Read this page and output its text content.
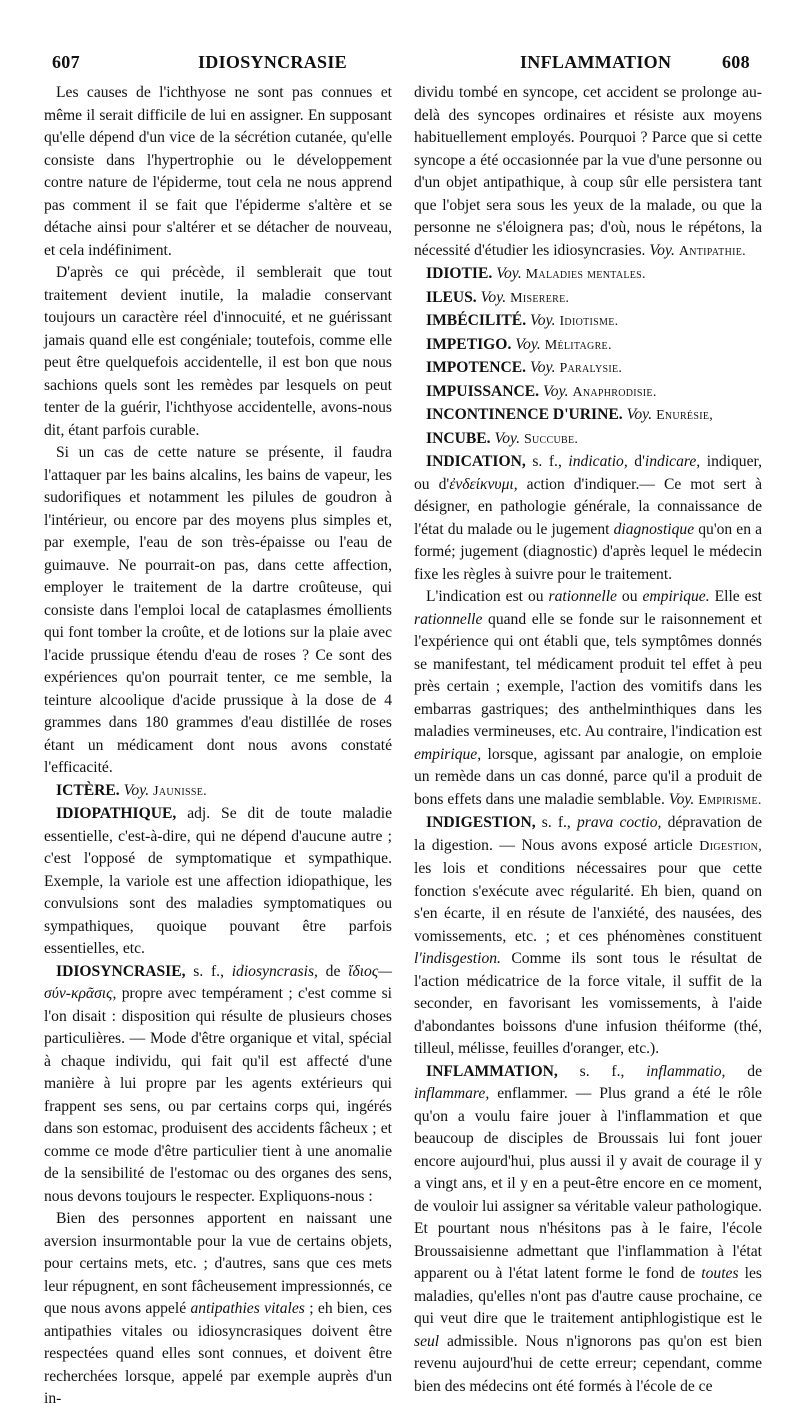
607	IDIOSYNCRASIE	INFLAMMATION	608

Les causes de l'ichthyose ne sont pas connues et même il serait difficile de lui en assigner. En supposant qu'elle dépend d'un vice de la sécrétion cutanée, qu'elle consiste dans l'hypertrophie ou le développement contre nature de l'épiderme, tout cela ne nous apprend pas comment il se fait que l'épiderme s'altère et se détache ainsi pour s'altérer et se détacher de nouveau, et cela indéfiniment.

D'après ce qui précède, il semblerait que tout traitement devient inutile, la maladie conservant toujours un caractère réel d'innocuité, et ne guérissant jamais quand elle est congéniale; toutefois, comme elle peut être quelquefois accidentelle, il est bon que nous sachions quels sont les remèdes par lesquels on peut tenter de la guérir, l'ichthyose accidentelle, avons-nous dit, étant parfois curable.

Si un cas de cette nature se présente, il faudra l'attaquer par les bains alcalins, les bains de vapeur, les sudorifiques et notamment les pilules de goudron à l'intérieur, ou encore par des moyens plus simples et, par exemple, l'eau de son très-épaisse ou l'eau de guimauve. Ne pourrait-on pas, dans cette affection, employer le traitement de la dartre croûteuse, qui consiste dans l'emploi local de cataplasmes émollients qui font tomber la croûte, et de lotions sur la plaie avec l'acide prussique étendu d'eau de roses ? Ce sont des expériences qu'on pourrait tenter, ce me semble, la teinture alcoolique d'acide prussique à la dose de 4 grammes dans 180 grammes d'eau distillée de roses étant un médicament dont nous avons constaté l'efficacité.

ICTÈRE. Voy. Jaunisse.

IDIOPATHIQUE, adj. Se dit de toute maladie essentielle, c'est-à-dire, qui ne dépend d'aucune autre ; c'est l'opposé de symptomatique et sympathique. Exemple, la variole est une affection idiopathique, les convulsions sont des maladies symptomatiques ou sympathiques, quoique pouvant être parfois essentielles, etc.

IDIOSYNCRASIE, s. f., idiosyncrasis, de ἴδιος—σύν-κρᾶσις, propre avec tempérament ; c'est comme si l'on disait : disposition qui résulte de plusieurs choses particulières. — Mode d'être organique et vital, spécial à chaque individu, qui fait qu'il est affecté d'une manière à lui propre par les agents extérieurs qui frappent ses sens, ou par certains corps qui, ingérés dans son estomac, produisent des accidents fâcheux ; et comme ce mode d'être particulier tient à une anomalie de la sensibilité de l'estomac ou des organes des sens, nous devons toujours le respecter. Expliquons-nous :

Bien des personnes apportent en naissant une aversion insurmontable pour la vue de certains objets, pour certains mets, etc. ; d'autres, sans que ces mets leur répugnent, en sont fâcheusement impressionnés, ce que nous avons appelé antipathies vitales ; eh bien, ces antipathies vitales ou idiosyncrasiques doivent être respectées quand elles sont connues, et doivent être recherchées lorsque, appelé par exemple auprès d'un in-

dividu tombé en syncope, cet accident se prolonge au-delà des syncopes ordinaires et résiste aux moyens habituellement employés. Pourquoi ? Parce que si cette syncope a été occasionnée par la vue d'une personne ou d'un objet antipathique, à coup sûr elle persistera tant que l'objet sera sous les yeux de la malade, ou que la personne ne s'éloignera pas; d'où, nous le répétons, la nécessité d'étudier les idiosyncrasies. Voy. Antipathie.

IDIOTIE. Voy. Maladies mentales.

ILEUS. Voy. Miserere.

IMBÉCILITÉ. Voy. Idiotisme.

IMPETIGO. Voy. Mélitagre.

IMPOTENCE. Voy. Paralysie.

IMPUISSANCE. Voy. Anaphrodisie.

INCONTINENCE D'URINE. Voy. Enurésie,

INCUBE. Voy. Succube.

INDICATION, s. f., indicatio, d'indicare, indiquer, ou d'ἐνδείκνυμι, action d'indiquer.— Ce mot sert à désigner, en pathologie générale, la connaissance de l'état du malade ou le jugement diagnostique qu'on en a formé; jugement (diagnostic) d'après lequel le médecin fixe les règles à suivre pour le traitement.

L'indication est ou rationnelle ou empirique. Elle est rationnelle quand elle se fonde sur le raisonnement et l'expérience qui ont établi que, tels symptômes donnés se manifestant, tel médicament produit tel effet à peu près certain ; exemple, l'action des vomitifs dans les embarras gastriques; des anthelminthiques dans les maladies vermineuses, etc. Au contraire, l'indication est empirique, lorsque, agissant par analogie, on emploie un remède dans un cas donné, parce qu'il a produit de bons effets dans une maladie semblable. Voy. Empirisme.

INDIGESTION, s. f., prava coctio, dépravation de la digestion. — Nous avons exposé article Digestion, les lois et conditions nécessaires pour que cette fonction s'exécute avec régularité. Eh bien, quand on s'en écarte, il en résute de l'anxiété, des nausées, des vomissements, etc. ; et ces phénomènes constituent l'indisgestion. Comme ils sont tous le résultat de l'action médicatrice de la force vitale, il suffit de la seconder, en favorisant les vomissements, à l'aide d'abondantes boissons d'une infusion théiforme (thé, tilleul, mélisse, feuilles d'oranger, etc.).

INFLAMMATION, s. f., inflammatio, de inflammare, enflammer. — Plus grand a été le rôle qu'on a voulu faire jouer à l'inflammation et que beaucoup de disciples de Broussais lui font jouer encore aujourd'hui, plus aussi il y avait de courage il y a vingt ans, et il y en a peut-être encore en ce moment, de vouloir lui assigner sa véritable valeur pathologique. Et pourtant nous n'hésitons pas à le faire, l'école Broussaisienne admettant que l'inflammation à l'état apparent ou à l'état latent forme le fond de toutes les maladies, qu'elles n'ont pas d'autre cause prochaine, ce qui veut dire que le traitement antiphlogistique est le seul admissible. Nous n'ignorons pas qu'on est bien revenu aujourd'hui de cette erreur; cependant, comme bien des médecins ont été formés à l'école de ce
